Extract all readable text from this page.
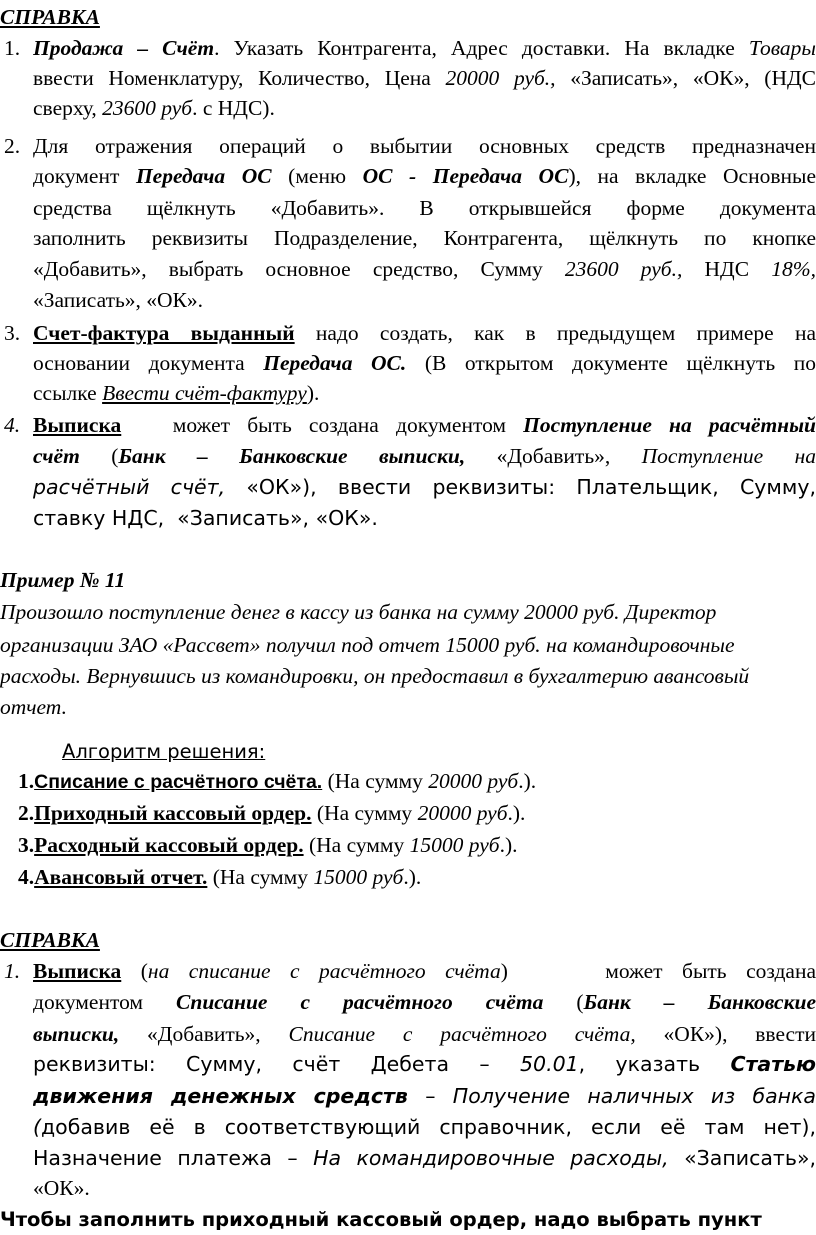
СПРАВКА
1. Продажа – Счёт. Указать Контрагента, Адрес доставки. На вкладке Товары
ввести Номенклатуру, Количество, Цена 20000 руб., «Записать», «ОК», (НДС
сверху, 23600 руб. с НДС).
2. Для отражения операций о выбытии основных средств предназначен
документ Передача ОС (меню ОС - Передача ОС), на вкладке Основные
средства щёлкнуть «Добавить». В открывшейся форме документа
заполнить реквизиты Подразделение, Контрагента, щёлкнуть по кнопке
«Добавить», выбрать основное средство, Сумму 23600 руб., НДС 18%,
«Записать», «ОК».
3. Счет-фактура выданный надо создать, как в предыдущем примере на
основании документа Передача ОС. (В открытом документе щёлкнуть по
ссылке Ввести счёт-фактуру).
4. Выписка   может быть создана документом Поступление на расчётный
счёт (Банк – Банковские выписки, «Добавить», Поступление на
расчётный счёт, «ОК»), ввести реквизиты: Плательщик, Сумму,
ставку НДС,  «Записать», «ОК».
Пример № 11
Произошло поступление денег в кассу из банка на сумму 20000 руб. Директор
организации ЗАО «Рассвет» получил под отчет 15000 руб. на командировочные
расходы. Вернувшись из командировки, он предоставил в бухгалтерию авансовый
отчет.
Алгоритм решения:
1.Списание с расчётного счёта. (На сумму 20000 руб.).
2.Приходный кассовый ордер. (На сумму 20000 руб.).
3.Расходный кассовый ордер. (На сумму 15000 руб.).
4.Авансовый отчет. (На сумму 15000 руб.).
СПРАВКА
1. Выписка (на списание с расчётного счёта)     может быть создана
документом Списание с расчётного счёта (Банк – Банковские
выписки, «Добавить», Списание с расчётного счёта, «ОК»), ввести
реквизиты: Сумму, счёт Дебета – 50.01, указать Статью
движения денежных средств – Получение наличных из банка
(добавив её в соответствующий справочник, если её там нет),
Назначение платежа – На командировочные расходы, «Записать»,
«ОК».
Чтобы заполнить приходный кассовый ордер, надо выбрать пункт
